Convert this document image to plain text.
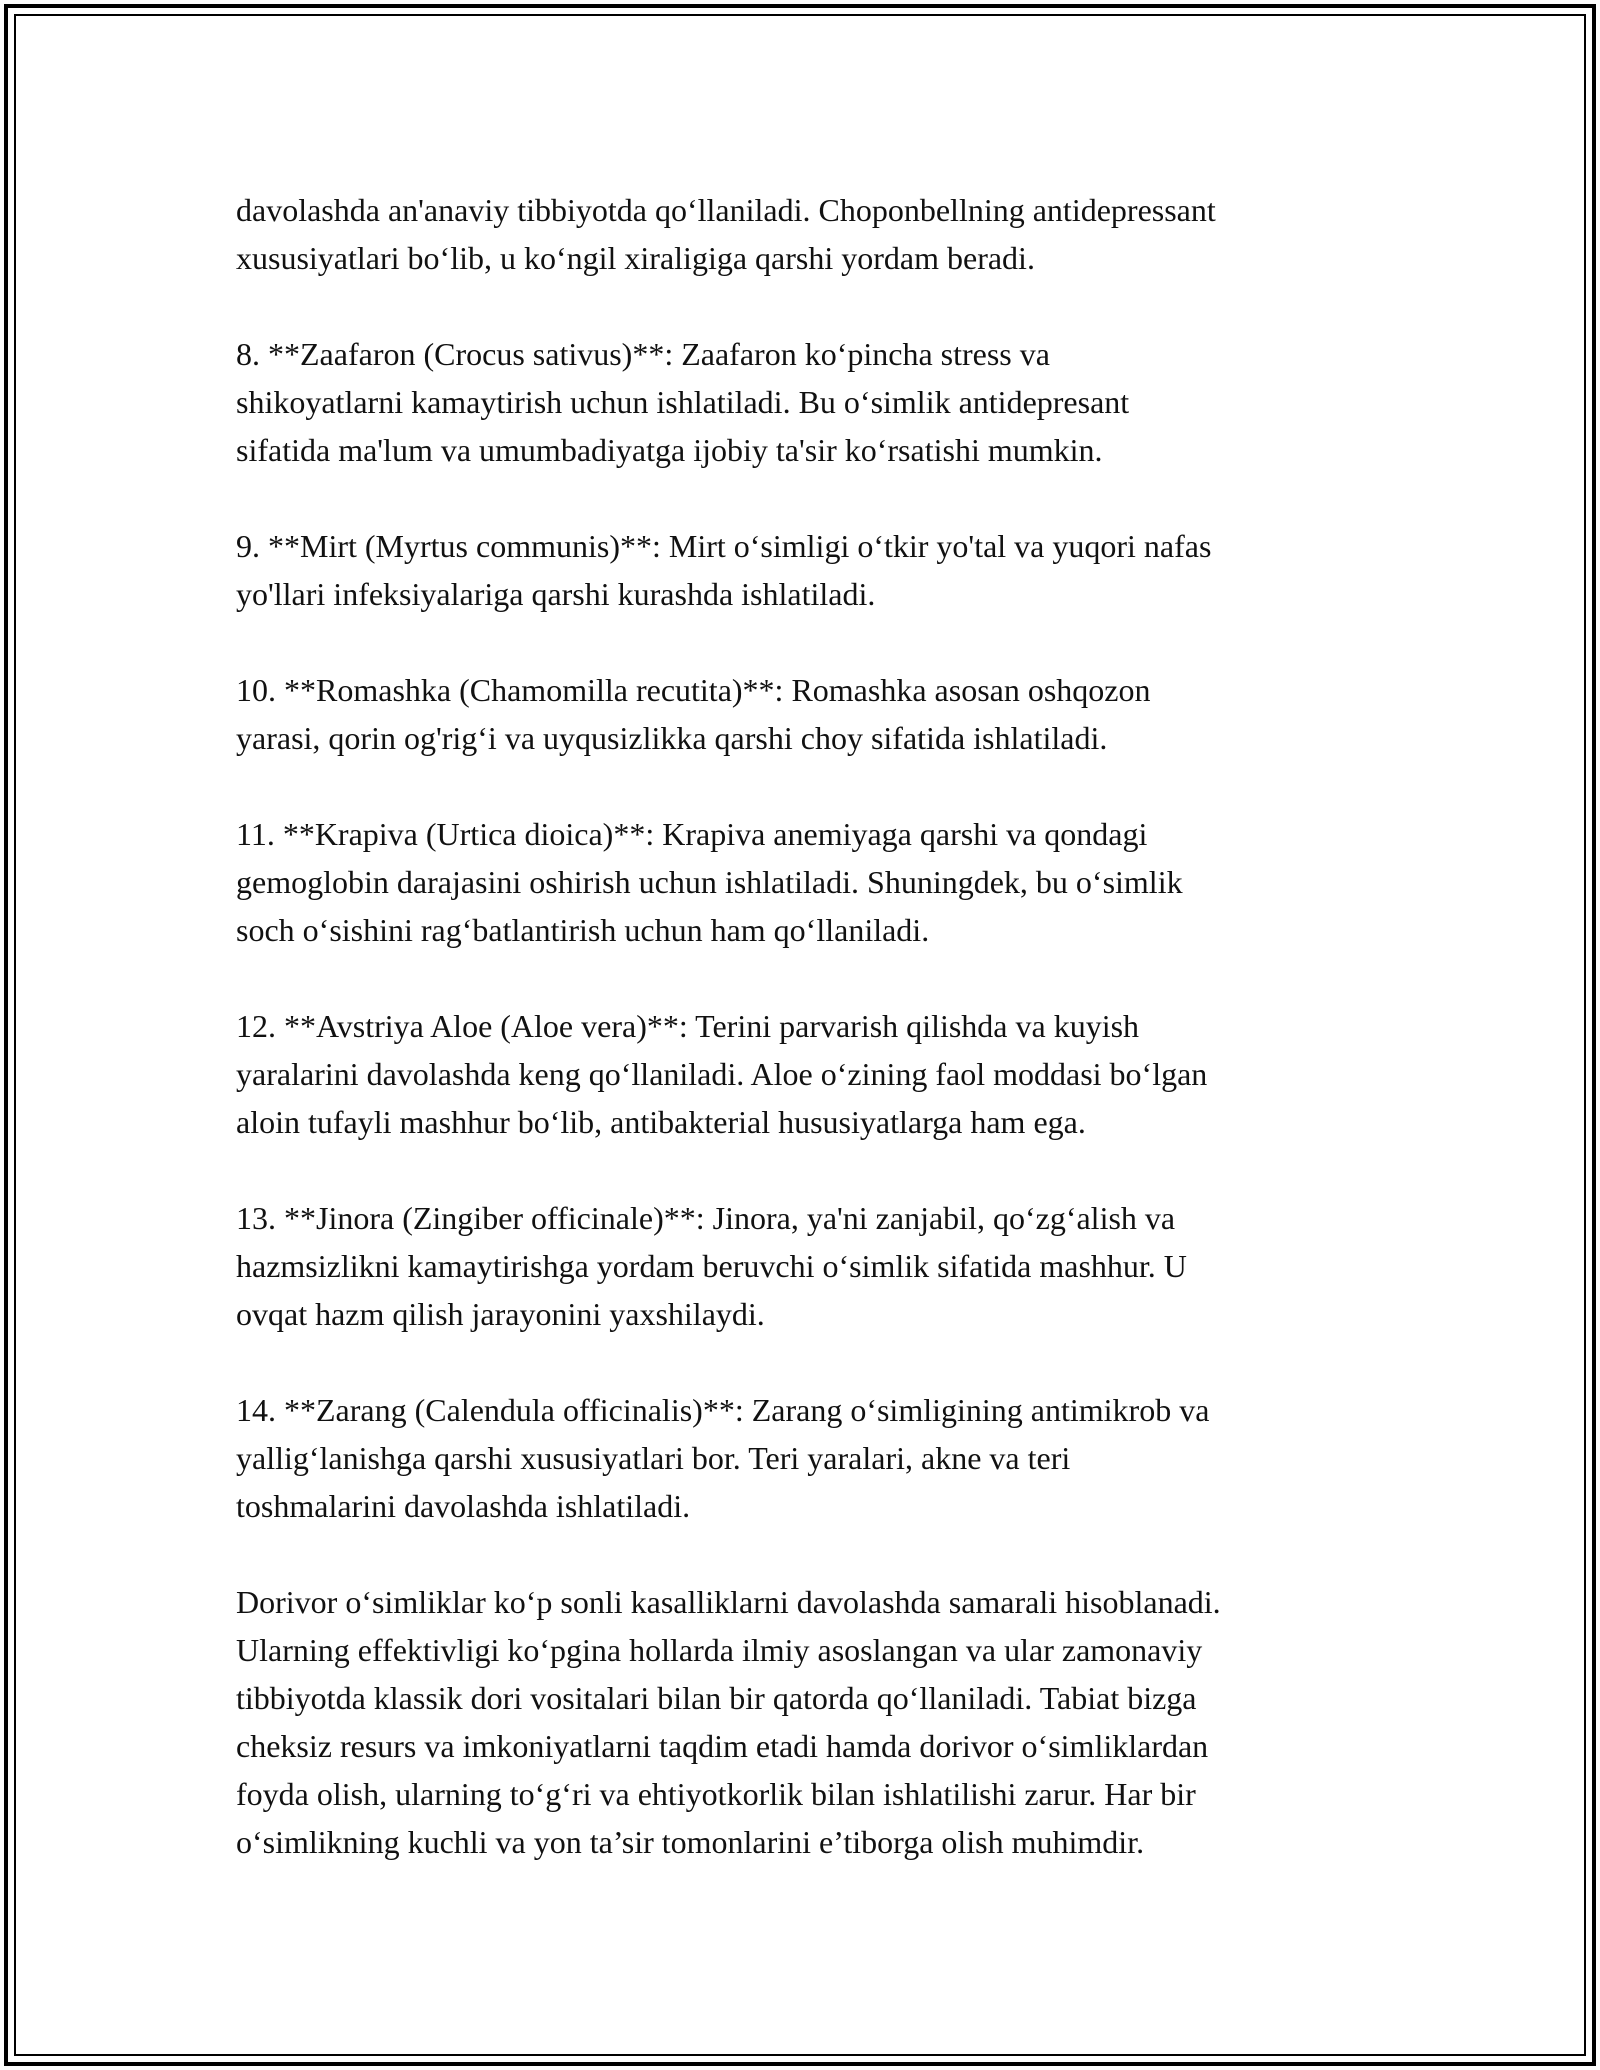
davolashda an'anaviy tibbiyotda qo‘llaniladi. Choponbellning antidepressant
xususiyatlari bo‘lib, u ko‘ngil xiraligiga qarshi yordam beradi.

8. **Zaafaron (Crocus sativus)**: Zaafaron ko‘pincha stress va
shikoyatlarni kamaytirish uchun ishlatiladi. Bu o‘simlik antidepresant
sifatida ma'lum va umumbadiyatga ijobiy ta'sir ko‘rsatishi mumkin.

9. **Mirt (Myrtus communis)**: Mirt o‘simligi o‘tkir yo'tal va yuqori nafas
yo'llari infeksiyalariga qarshi kurashda ishlatiladi.

10. **Romashka (Chamomilla recutita)**: Romashka asosan oshqozon
yarasi, qorin og'rig‘i va uyqusizlikka qarshi choy sifatida ishlatiladi.

11. **Krapiva (Urtica dioica)**: Krapiva anemiyaga qarshi va qondagi
gemoglobin darajasini oshirish uchun ishlatiladi. Shuningdek, bu o‘simlik
soch o‘sishini rag‘batlantirish uchun ham qo‘llaniladi.

12. **Avstriya Aloe (Aloe vera)**: Terini parvarish qilishda va kuyish
yaralarini davolashda keng qo‘llaniladi. Aloe o‘zining faol moddasi bo‘lgan
aloin tufayli mashhur bo‘lib, antibakterial hususiyatlarga ham ega.

13. **Jinora (Zingiber officinale)**: Jinora, ya'ni zanjabil, qo‘zg‘alish va
hazmsizlikni kamaytirishga yordam beruvchi o‘simlik sifatida mashhur. U
ovqat hazm qilish jarayonini yaxshilaydi.

14. **Zarang (Calendula officinalis)**: Zarang o‘simligining antimikrob va
yallig‘lanishga qarshi xususiyatlari bor. Teri yaralari, akne va teri
toshmalarini davolashda ishlatiladi.

Dorivor o‘simliklar ko‘p sonli kasalliklarni davolashda samarali hisoblanadi.
Ularning effektivligi ko‘pgina hollarda ilmiy asoslangan va ular zamonaviy
tibbiyotda klassik dori vositalari bilan bir qatorda qo‘llaniladi. Tabiat bizga
cheksiz resurs va imkoniyatlarni taqdim etadi hamda dorivor o‘simliklardan
foyda olish, ularning to‘g‘ri va ehtiyotkorlik bilan ishlatilishi zarur. Har bir
o‘simlikning kuchli va yon ta’sir tomonlarini e’tiborga olish muhimdir.
